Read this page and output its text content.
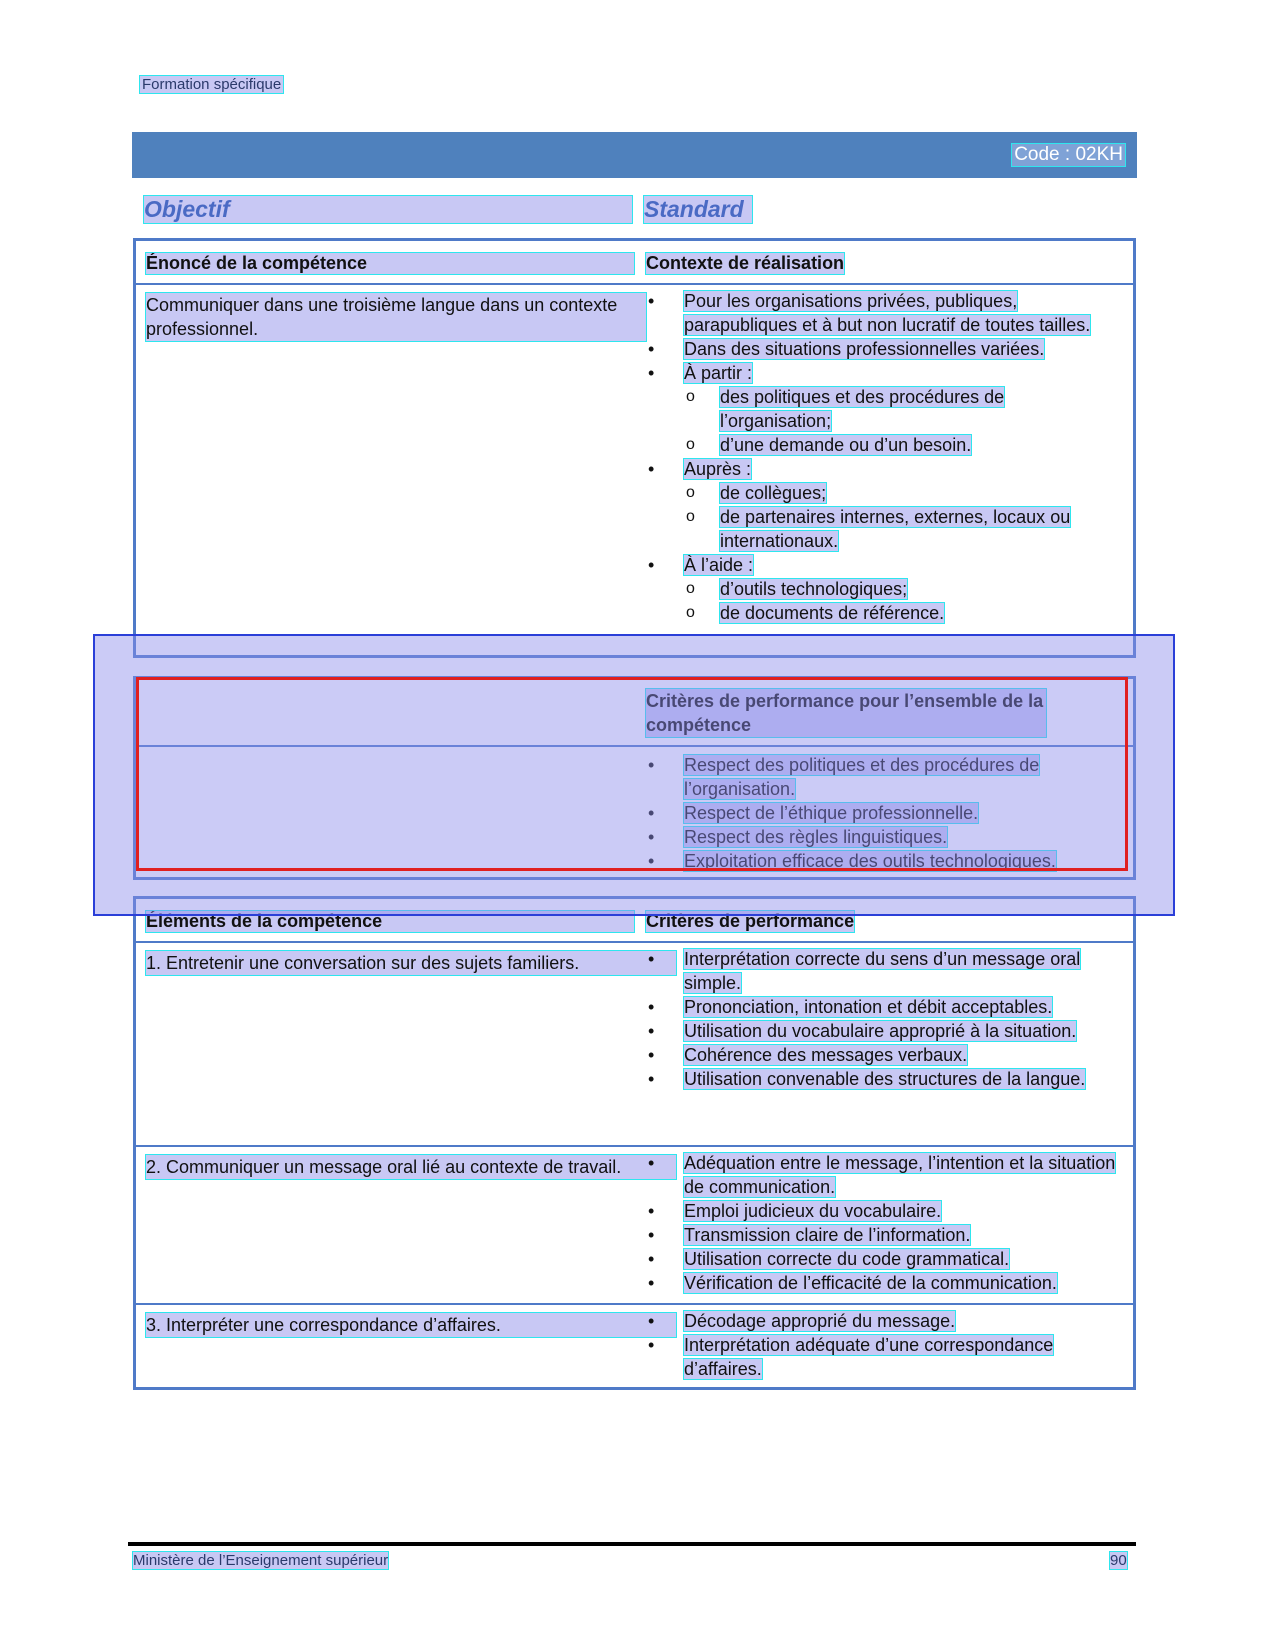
Formation spécifique
Code : 02KH
Objectif	Standard
Énoncé de la compétence	Contexte de réalisation
Communiquer dans une troisième langue dans un contexte professionnel.
• Pour les organisations privées, publiques, parapubliques et à but non lucratif de toutes tailles.
• Dans des situations professionnelles variées.
• À partir :
o des politiques et des procédures de l’organisation;
o d’une demande ou d’un besoin.
• Auprès :
o de collègues;
o de partenaires internes, externes, locaux ou internationaux.
• À l’aide :
o d’outils technologiques;
o de documents de référence.
Critères de performance pour l’ensemble de la compétence
• Respect des politiques et des procédures de l’organisation.
• Respect de l’éthique professionnelle.
• Respect des règles linguistiques.
• Exploitation efficace des outils technologiques.
Éléments de la compétence	Critères de performance
1. Entretenir une conversation sur des sujets familiers.	• Interprétation correcte du sens d’un message oral simple.
• Prononciation, intonation et débit acceptables.
• Utilisation du vocabulaire approprié à la situation.
• Cohérence des messages verbaux.
• Utilisation convenable des structures de la langue.
2. Communiquer un message oral lié au contexte de travail.	• Adéquation entre le message, l’intention et la situation de communication.
• Emploi judicieux du vocabulaire.
• Transmission claire de l’information.
• Utilisation correcte du code grammatical.
• Vérification de l’efficacité de la communication.
3. Interpréter une correspondance d’affaires.	• Décodage approprié du message.
• Interprétation adéquate d’une correspondance d’affaires.
Ministère de l’Enseignement supérieur	90
